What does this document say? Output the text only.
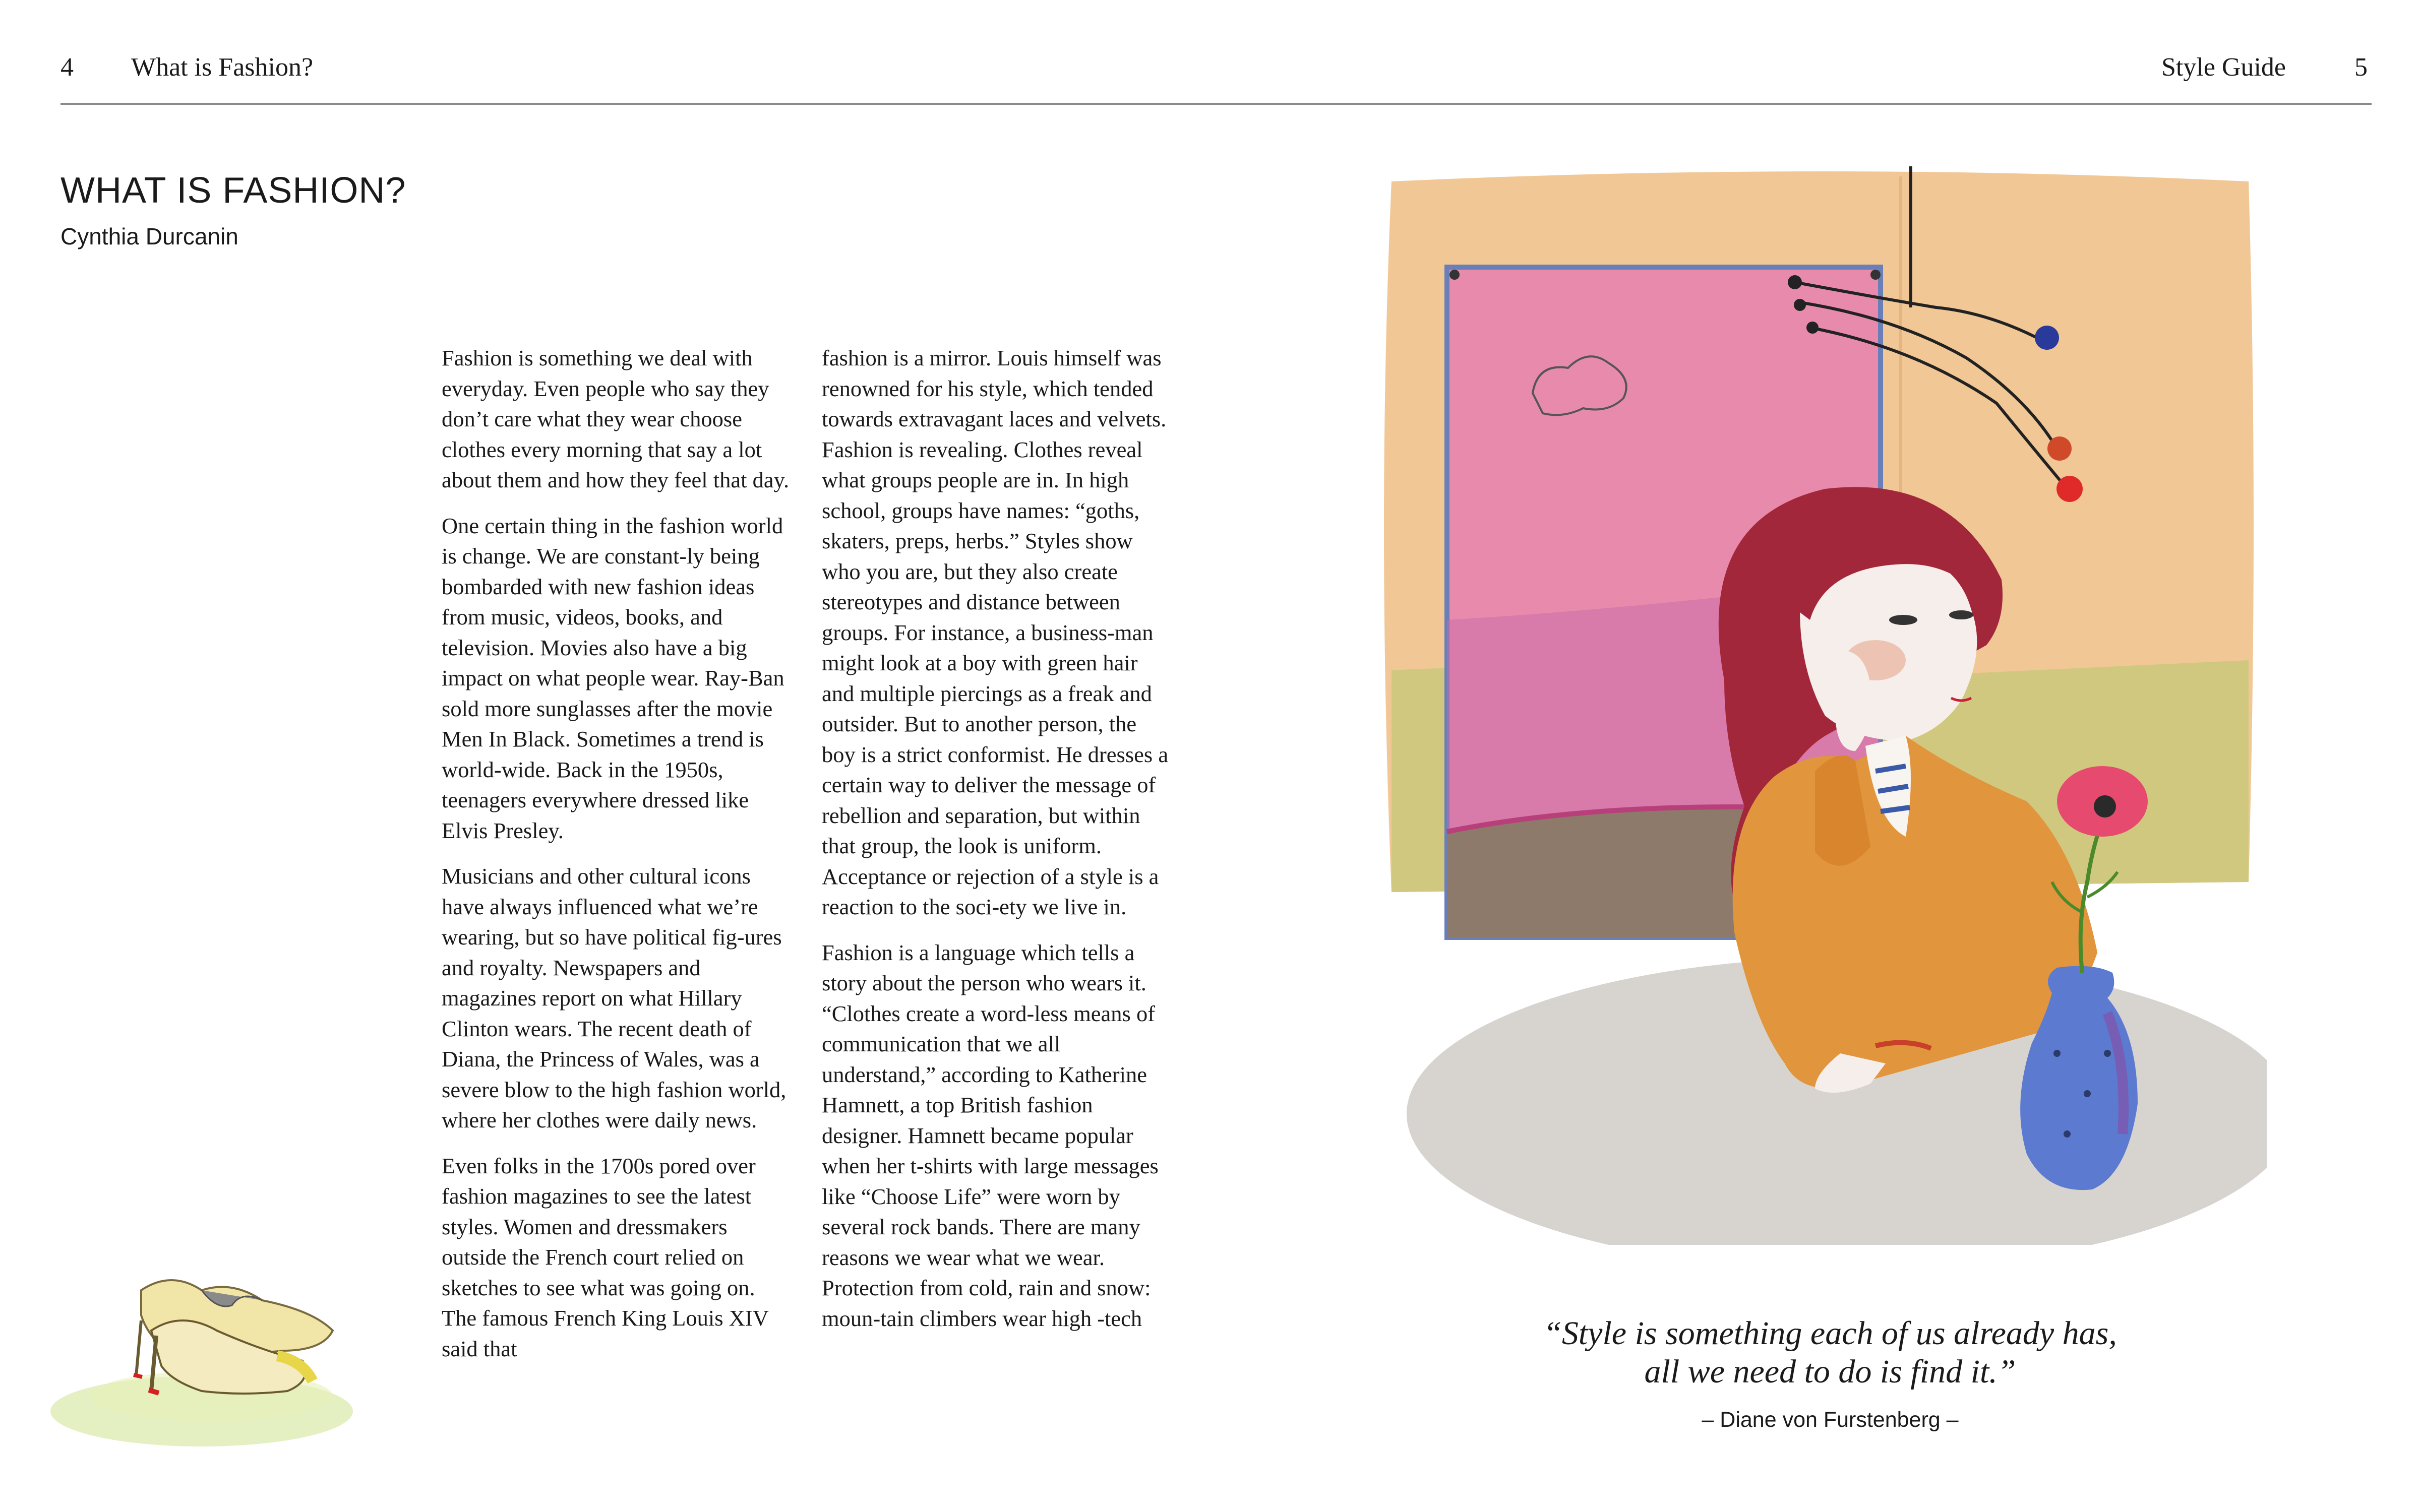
4 What is Fashion?	Style Guide	5
WHAT IS FASHION?
Cynthia Durcanin

Fashion is something we deal with everyday. Even people who say they don’t care what they wear choose clothes every morning that say a lot about them and how they feel that day.

One certain thing in the fashion world is change. We are constant-ly being bombarded with new fashion ideas from music, videos, books, and television. Movies also have a big impact on what people wear. Ray-Ban sold more sunglasses after the movie Men In Black. Sometimes a trend is world-wide. Back in the 1950s, teenagers everywhere dressed like Elvis Presley.

Musicians and other cultural icons have always influenced what we’re wearing, but so have political fig-ures and royalty. Newspapers and magazines report on what Hillary Clinton wears. The recent death of Diana, the Princess of Wales, was a severe blow to the high fashion world, where her clothes were daily news.

Even folks in the 1700s pored over fashion magazines to see the latest styles. Women and dressmakers outside the French court relied on sketches to see what was going on. The famous French King Louis XIV said that

fashion is a mirror. Louis himself was renowned for his style, which tended towards extravagant laces and velvets. Fashion is revealing. Clothes reveal what groups people are in. In high school, groups have names: “goths, skaters, preps, herbs.” Styles show who you are, but they also create stereotypes and distance between groups. For instance, a business-man might look at a boy with green hair and multiple piercings as a freak and outsider. But to another person, the boy is a strict conformist. He dresses a certain way to deliver the message of rebellion and separation, but within that group, the look is uniform. Acceptance or rejection of a style is a reaction to the soci-ety we live in.

Fashion is a language which tells a story about the person who wears it. “Clothes create a word-less means of communication that we all understand,” according to Katherine Hamnett, a top British fashion designer. Hamnett became popular when her t-shirts with large messages like “Choose Life” were worn by several rock bands. There are many reasons we wear what we wear. Protection from cold, rain and snow: moun-tain climbers wear high -tech	“Style is something each of us already has,
all we need to do is find it.”
– Diane von Furstenberg –
